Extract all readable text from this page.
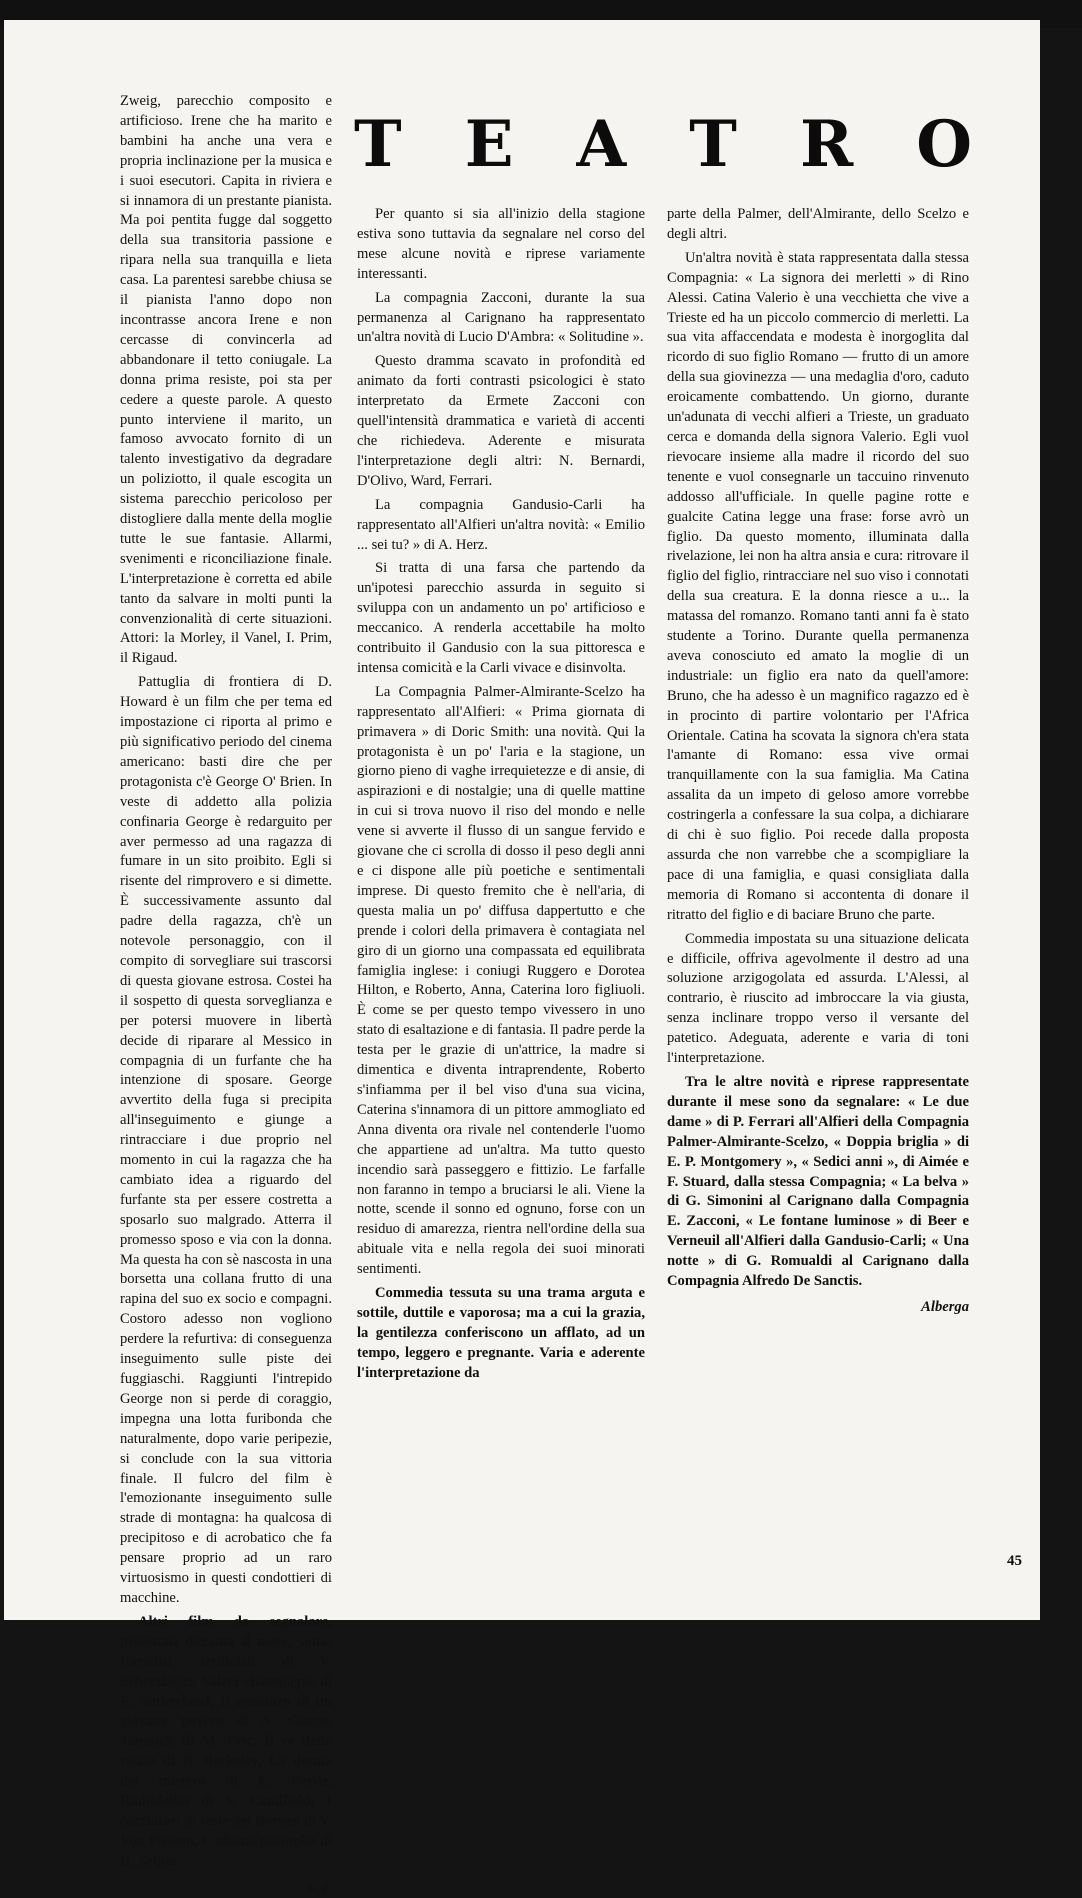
T E A T R O

Zweig, parecchio composito e artificioso. Irene che ha marito e bambini ha anche una vera e propria inclinazione per la musica e i suoi esecutori. Capita in riviera e si innamora di un prestante pianista. Ma poi pentita fugge dal soggetto della sua transitoria passione e ripara nella sua tranquilla e lieta casa. La parentesi sarebbe chiusa se il pianista l'anno dopo non incontrasse ancora Irene e non cercasse di convincerla ad abbandonare il tetto coniugale. La donna prima resiste, poi sta per cedere a queste parole. A questo punto interviene il marito, un famoso avvocato fornito di un talento investigativo da degradare un poliziotto, il quale escogita un sistema parecchio pericoloso per distogliere dalla mente della moglie tutte le sue fantasie. Allarmi, svenimenti e riconciliazione finale. L'interpretazione è corretta ed abile tanto da salvare in molti punti la convenzionalità di certe situazioni. Attori: la Morley, il Vanel, I. Prim, il Rigaud.

Pattuglia di frontiera di D. Howard è un film che per tema ed impostazione ci riporta al primo e più significativo periodo del cinema americano: basti dire che per protagonista c'è George O' Brien. In veste di addetto alla polizia confinaria George è redarguito per aver permesso ad una ragazza di fumare in un sito proibito. Egli si risente del rimprovero e si dimette. È successivamente assunto dal padre della ragazza, ch'è un notevole personaggio, con il compito di sorvegliare sui trascorsi di questa giovane estrosa. Costei ha il sospetto di questa sorveglianza e per potersi muovere in libertà decide di riparare al Messico in compagnia di un furfante che ha intenzione di sposare. George avvertito della fuga si precipita all'inseguimento e giunge a rintracciare i due proprio nel momento in cui la ragazza che ha cambiato idea a riguardo del furfante sta per essere costretta a sposarlo suo malgrado. Atterra il promesso sposo e via con la donna. Ma questa ha con sè nascosta in una borsetta una collana frutto di una rapina del suo ex socio e compagni. Costoro adesso non vogliono perdere la refurtiva: di conseguenza inseguimento sulle piste dei fuggiaschi. Raggiunti l'intrepido George non si perde di coraggio, impegna una lotta furibonda che naturalmente, dopo varie peripezie, si conclude con la sua vittoria finale. Il fulcro del film è l'emozionante inseguimento sulle strade di montagna: ha qualcosa di precipitoso e di acrobatico che fa pensare proprio ad un raro virtuosismo in questi condottieri di macchine.

Altri film da segnalare, proiettati durante il mese, sono: Paradisi artificiali di V. Scberzinger, Valzer champagne di E. Sutherland, Il romanzo di un giovane povero di A. Gange, Janosick di M. Fric, Il re della risata di B. Berkeley, La donna del mistero di E. Forde, Radiofollia di S. Landfield, I cacciatori di teste del Borneo di V. Von Plessen, L'ultima pattuglia di H. Selpin.

s. g.

Per quanto si sia all'inizio della stagione estiva sono tuttavia da segnalare nel corso del mese alcune novità e riprese variamente interessanti.

La compagnia Zacconi, durante la sua permanenza al Carignano ha rappresentato un'altra novità di Lucio D'Ambra: « Solitudine ».

Questo dramma scavato in profondità ed animato da forti contrasti psicologici è stato interpretato da Ermete Zacconi con quell'intensità drammatica e varietà di accenti che richiedeva. Aderente e misurata l'interpretazione degli altri: N. Bernardi, D'Olivo, Ward, Ferrari.

La compagnia Gandusio-Carli ha rappresentato all'Alfieri un'altra novità: « Emilio ... sei tu? » di A. Herz.

Si tratta di una farsa che partendo da un'ipotesi parecchio assurda in seguito si sviluppa con un andamento un po' artificioso e meccanico. A renderla accettabile ha molto contribuito il Gandusio con la sua pittoresca e intensa comicità e la Carli vivace e disinvolta.

La Compagnia Palmer-Almirante-Scelzo ha rappresentato all'Alfieri: « Prima giornata di primavera » di Doric Smith: una novità. Qui la protagonista è un po' l'aria e la stagione, un giorno pieno di vaghe irrequietezze e di ansie, di aspirazioni e di nostalgie; una di quelle mattine in cui si trova nuovo il riso del mondo e nelle vene si avverte il flusso di un sangue fervido e giovane che ci scrolla di dosso il peso degli anni e ci dispone alle più poetiche e sentimentali imprese. Di questo fremito che è nell'aria, di questa malia un po' diffusa dappertutto e che prende i colori della primavera è contagiata nel giro di un giorno una compassata ed equilibrata famiglia inglese: i coniugi Ruggero e Dorotea Hilton, e Roberto, Anna, Caterina loro figliuoli. È come se per questo tempo vivessero in uno stato di esaltazione e di fantasia. Il padre perde la testa per le grazie di un'attrice, la madre si dimentica e diventa intraprendente, Roberto s'infiamma per il bel viso d'una sua vicina, Caterina s'innamora di un pittore ammogliato ed Anna diventa ora rivale nel contenderle l'uomo che appartiene ad un'altra. Ma tutto questo incendio sarà passeggero e fittizio. Le farfalle non faranno in tempo a bruciarsi le ali. Viene la notte, scende il sonno ed ognuno, forse con un residuo di amarezza, rientra nell'ordine della sua abituale vita e nella regola dei suoi minorati sentimenti.

Commedia tessuta su una trama arguta e sottile, duttile e vaporosa; ma a cui la grazia, la gentilezza conferiscono un afflato, ad un tempo, leggero e pregnante. Varia e aderente l'interpretazione da

parte della Palmer, dell'Almirante, dello Scelzo e degli altri.

Un'altra novità è stata rappresentata dalla stessa Compagnia: « La signora dei merletti » di Rino Alessi. Catina Valerio è una vecchietta che vive a Trieste ed ha un piccolo commercio di merletti. La sua vita affaccendata e modesta è inorgoglita dal ricordo di suo figlio Romano — frutto di un amore della sua giovinezza — una medaglia d'oro, caduto eroicamente combattendo. Un giorno, durante un'adunata di vecchi alfieri a Trieste, un graduato cerca e domanda della signora Valerio. Egli vuol rievocare insieme alla madre il ricordo del suo tenente e vuol consegnarle un taccuino rinvenuto addosso all'ufficiale. In quelle pagine rotte e gualcite Catina legge una frase: forse avrò un figlio. Da questo momento, illuminata dalla rivelazione, lei non ha altra ansia e cura: ritrovare il figlio del figlio, rintracciare nel suo viso i connotati della sua creatura. E la donna riesce a u... la matassa del romanzo. Romano tanti anni fa è stato studente a Torino. Durante quella permanenza aveva conosciuto ed amato la moglie di un industriale: un figlio era nato da quell'amore: Bruno, che ha adesso è un magnifico ragazzo ed è in procinto di partire volontario per l'Africa Orientale. Catina ha scovata la signora ch'era stata l'amante di Romano: essa vive ormai tranquillamente con la sua famiglia. Ma Catina assalita da un impeto di geloso amore vorrebbe costringerla a confessare la sua colpa, a dichiarare di chi è suo figlio. Poi recede dalla proposta assurda che non varrebbe che a scompigliare la pace di una famiglia, e quasi consigliata dalla memoria di Romano si accontenta di donare il ritratto del figlio e di baciare Bruno che parte.

Commedia impostata su una situazione delicata e difficile, offriva agevolmente il destro ad una soluzione arzigogolata ed assurda. L'Alessi, al contrario, è riuscito ad imbroccare la via giusta, senza inclinare troppo verso il versante del patetico. Adeguata, aderente e varia di toni l'interpretazione.

Tra le altre novità e riprese rappresentate durante il mese sono da segnalare: « Le due dame » di P. Ferrari all'Alfieri della Compagnia Palmer-Almirante-Scelzo, « Doppia briglia » di E. P. Montgomery », « Sedici anni », di Aimée e F. Stuard, dalla stessa Compagnia; « La belva » di G. Simonini al Carignano dalla Compagnia E. Zacconi, « Le fontane luminose » di Beer e Verneuil all'Alfieri dalla Gandusio-Carli; « Una notte » di G. Romualdi al Carignano dalla Compagnia Alfredo De Sanctis.

Alberga
45
